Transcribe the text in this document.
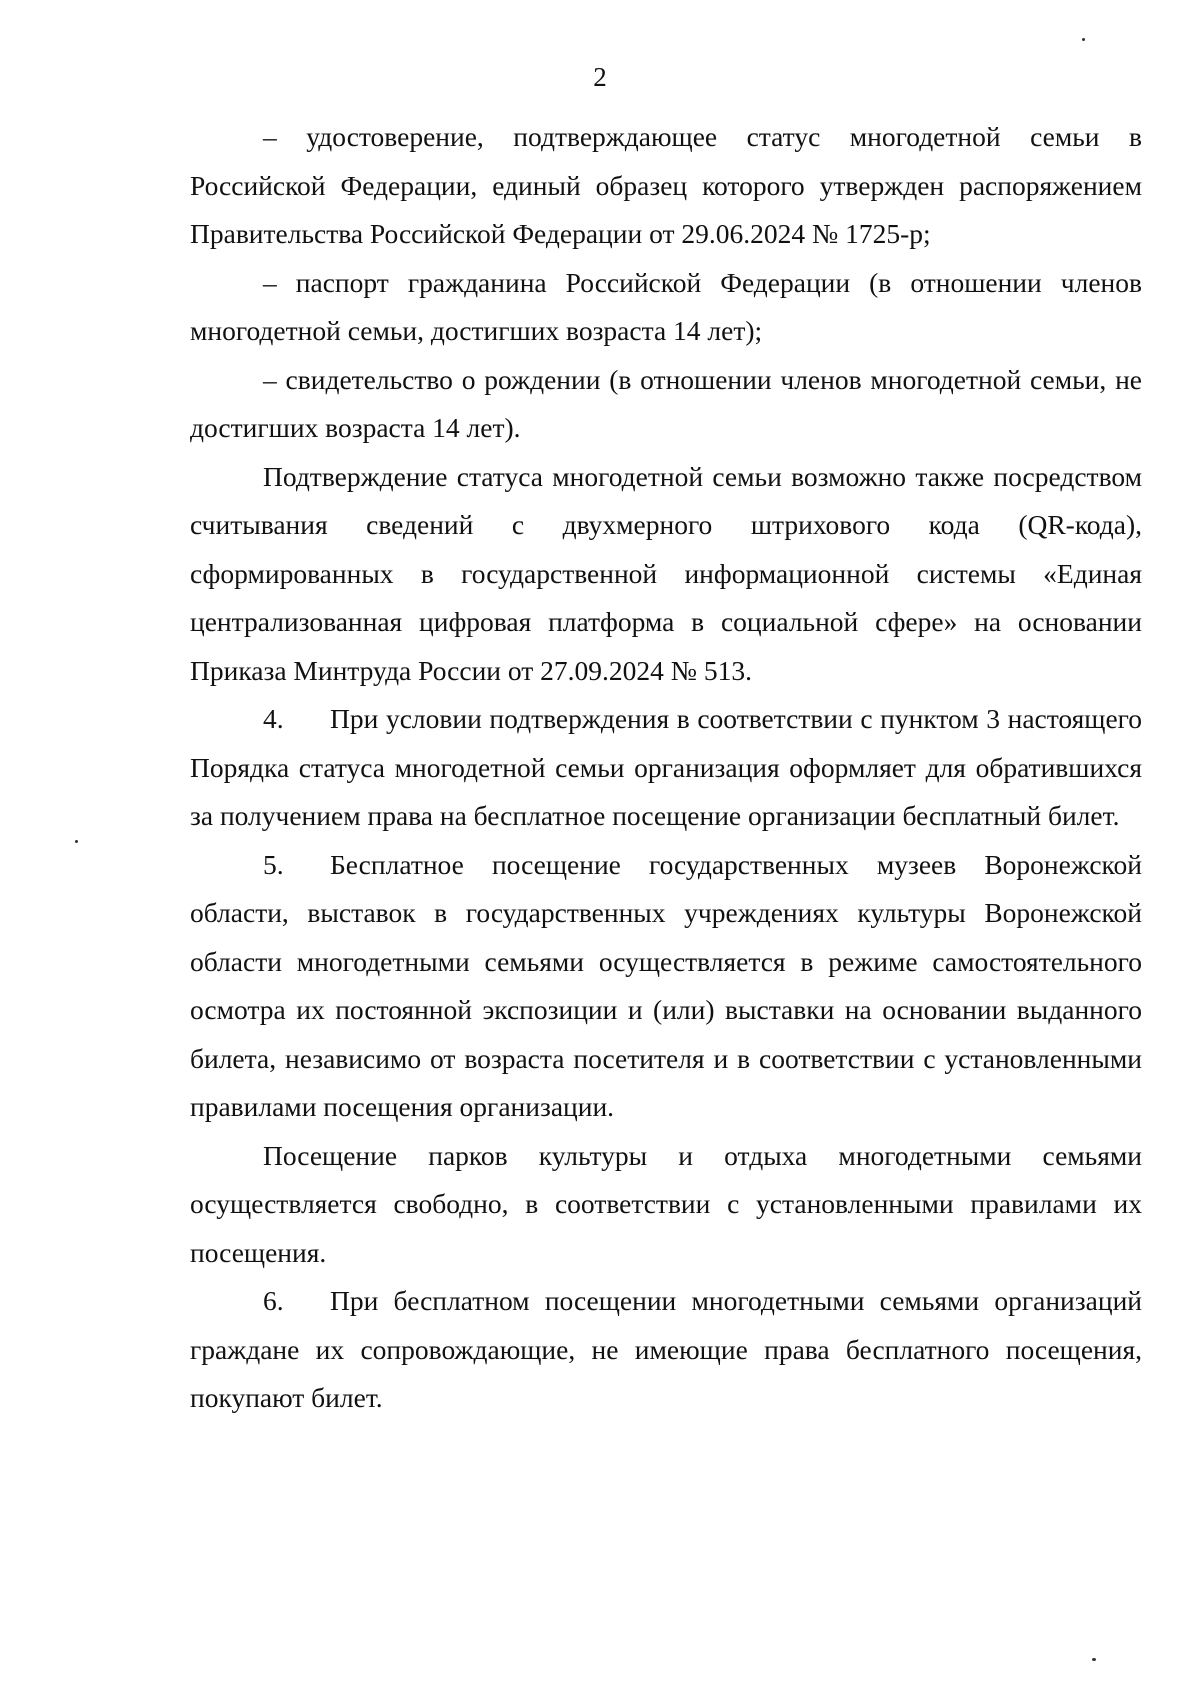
2

– удостоверение, подтверждающее статус многодетной семьи в Российской Федерации, единый образец которого утвержден распоряжением Правительства Российской Федерации от 29.06.2024 № 1725-р;

– паспорт гражданина Российской Федерации (в отношении членов многодетной семьи, достигших возраста 14 лет);

– свидетельство о рождении (в отношении членов многодетной семьи, не достигших возраста 14 лет).

Подтверждение статуса многодетной семьи возможно также посредством считывания сведений с двухмерного штрихового кода (QR-кода), сформированных в государственной информационной системы «Единая централизованная цифровая платформа в социальной сфере» на основании Приказа Минтруда России от 27.09.2024 № 513.

4. При условии подтверждения в соответствии с пунктом 3 настоящего Порядка статуса многодетной семьи организация оформляет для обратившихся за получением права на бесплатное посещение организации бесплатный билет.

5. Бесплатное посещение государственных музеев Воронежской области, выставок в государственных учреждениях культуры Воронежской области многодетными семьями осуществляется в режиме самостоятельного осмотра их постоянной экспозиции и (или) выставки на основании выданного билета, независимо от возраста посетителя и в соответствии с установленными правилами посещения организации.

Посещение парков культуры и отдыха многодетными семьями осуществляется свободно, в соответствии с установленными правилами их посещения.

6. При бесплатном посещении многодетными семьями организаций граждане их сопровождающие, не имеющие права бесплатного посещения, покупают билет.
